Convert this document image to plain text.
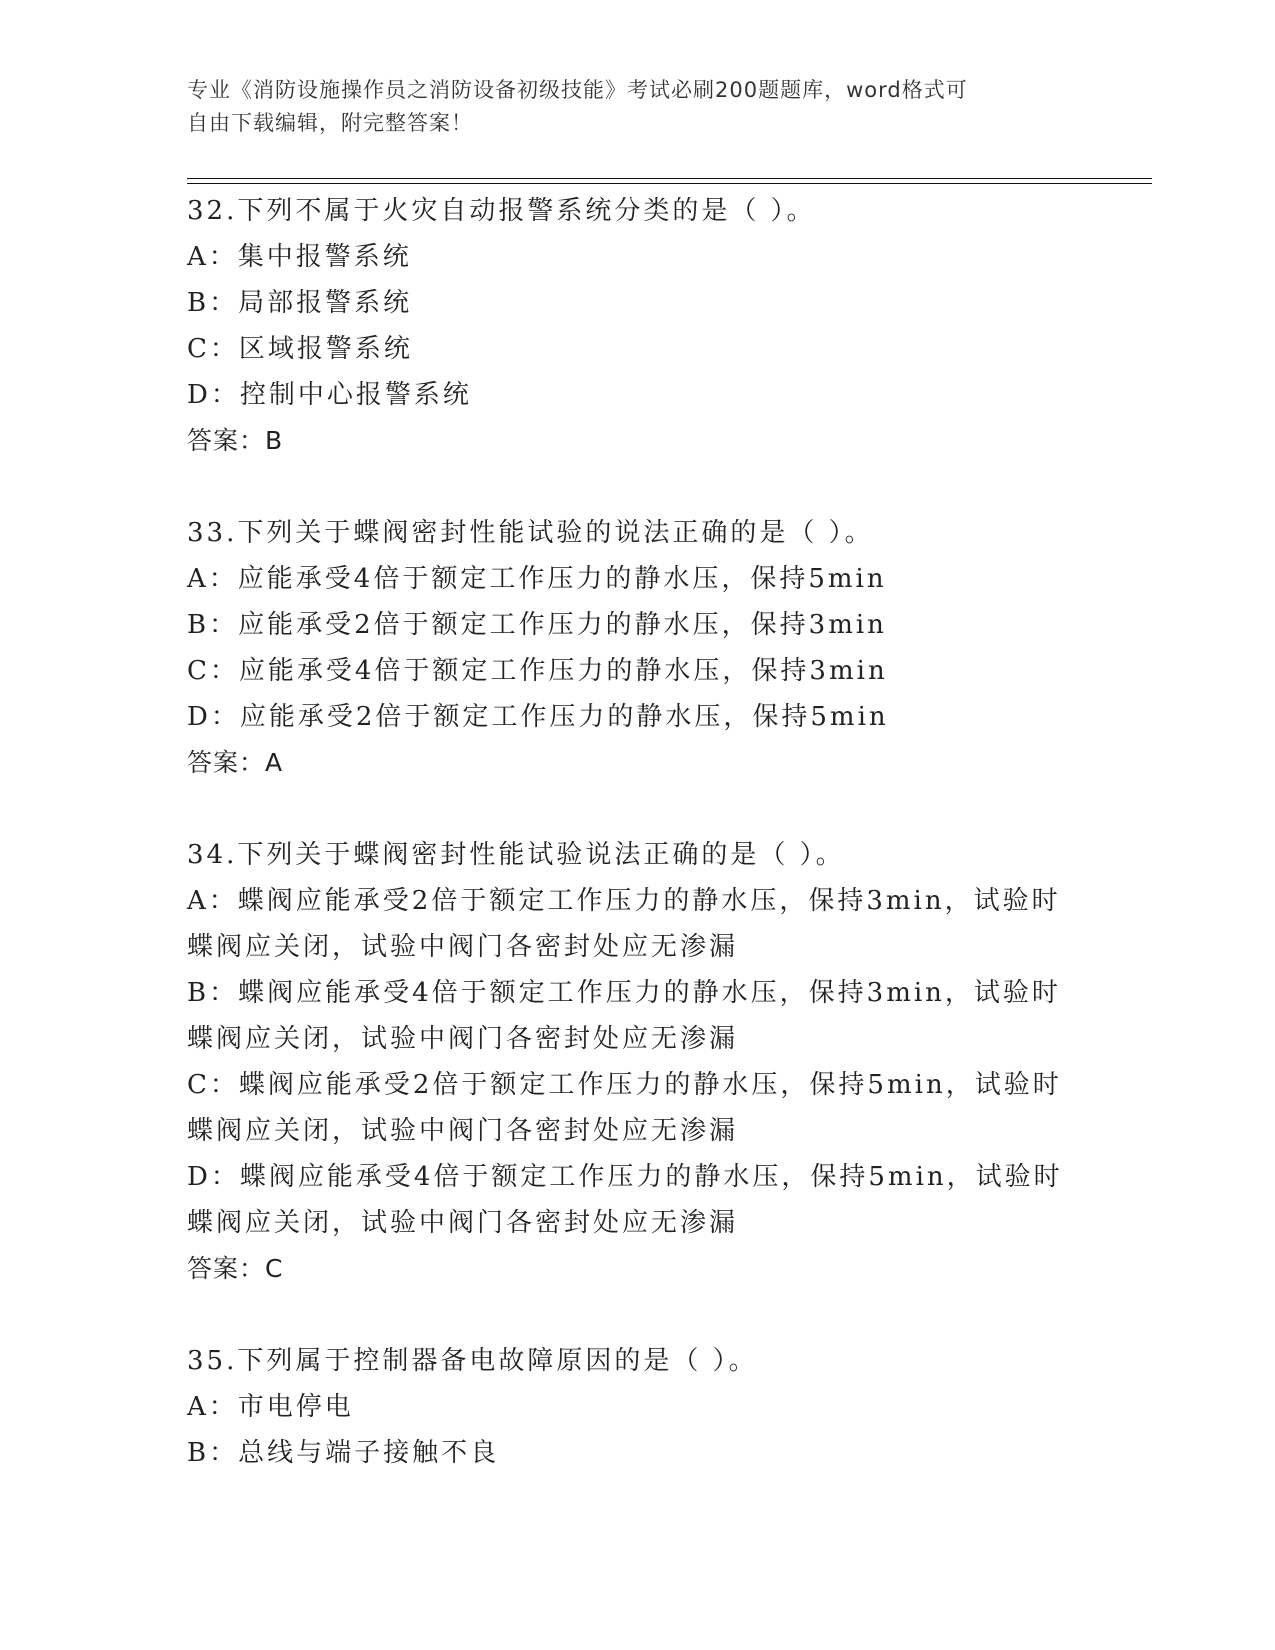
专业《消防设施操作员之消防设备初级技能》考试必刷200题题库，word格式可
自由下载编辑，附完整答案！
32.下列不属于火灾自动报警系统分类的是（ ）。
A：集中报警系统
B：局部报警系统
C：区域报警系统
D：控制中心报警系统
答案：B
33.下列关于蝶阀密封性能试验的说法正确的是（ ）。
A：应能承受4倍于额定工作压力的静水压，保持5min
B：应能承受2倍于额定工作压力的静水压，保持3min
C：应能承受4倍于额定工作压力的静水压，保持3min
D：应能承受2倍于额定工作压力的静水压，保持5min
答案：A
34.下列关于蝶阀密封性能试验说法正确的是（ ）。
A：蝶阀应能承受2倍于额定工作压力的静水压，保持3min，试验时蝶阀应关闭，试验中阀门各密封处应无渗漏
B：蝶阀应能承受4倍于额定工作压力的静水压，保持3min，试验时蝶阀应关闭，试验中阀门各密封处应无渗漏
C：蝶阀应能承受2倍于额定工作压力的静水压，保持5min，试验时蝶阀应关闭，试验中阀门各密封处应无渗漏
D：蝶阀应能承受4倍于额定工作压力的静水压，保持5min，试验时蝶阀应关闭，试验中阀门各密封处应无渗漏
答案：C
35.下列属于控制器备电故障原因的是（ ）。
A：市电停电
B：总线与端子接触不良
